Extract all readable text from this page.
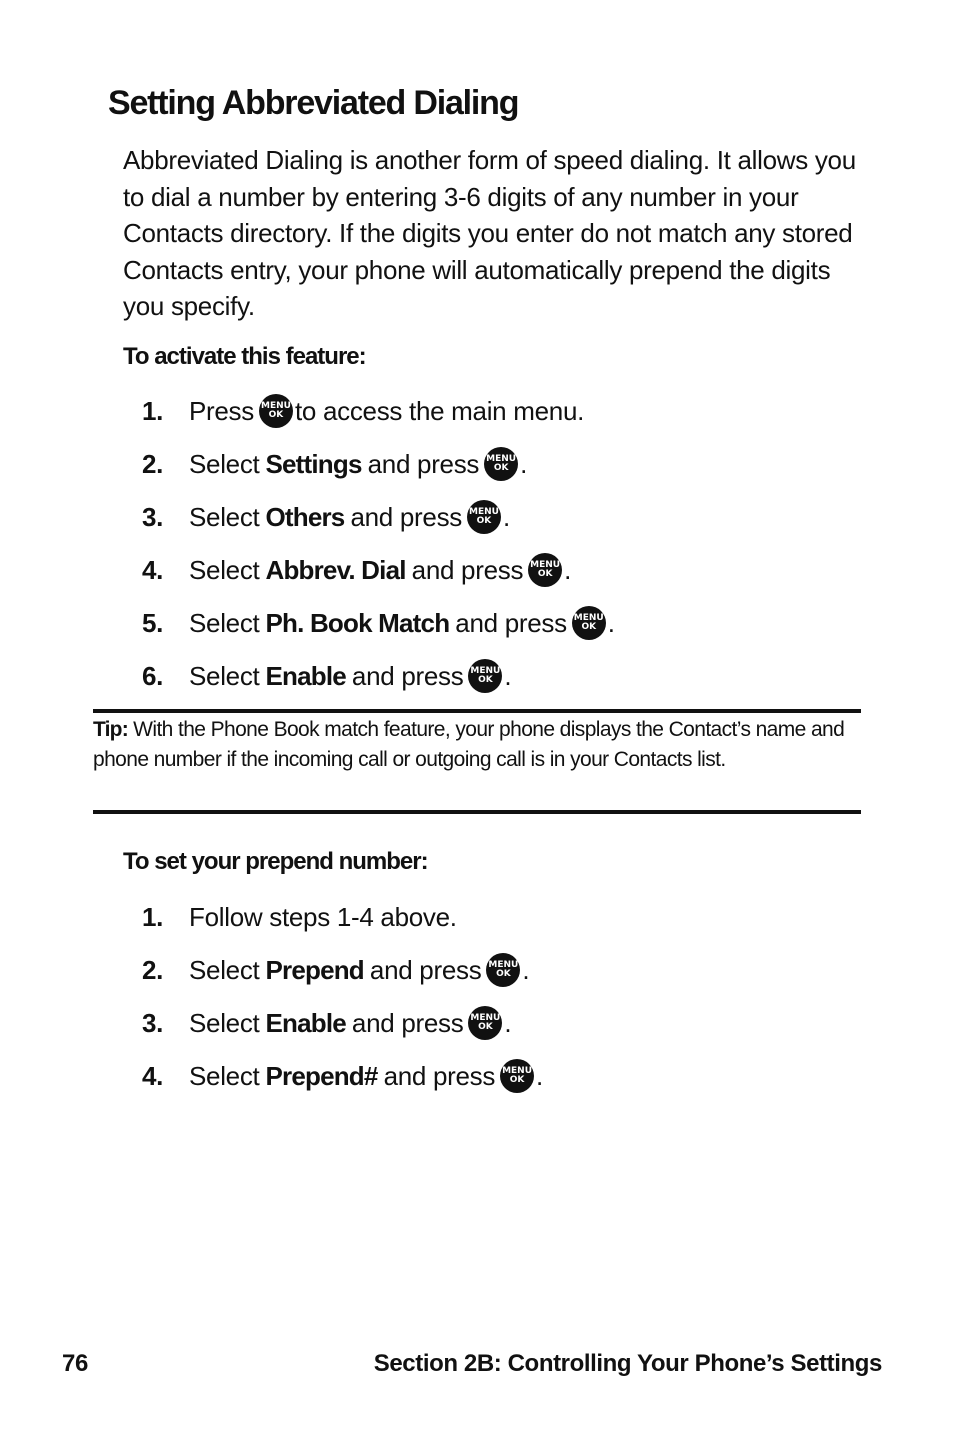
Setting Abbreviated Dialing
Abbreviated Dialing is another form of speed dialing. It allows you to dial a number by entering 3-6 digits of any number in your Contacts directory. If the digits you enter do not match any stored Contacts entry, your phone will automatically prepend the digits you specify.
To activate this feature:
1. Press MENU
OK to access the main menu.
2. Select Settings and press MENU
OK .
3. Select Others and press MENU
OK .
4. Select Abbrev. Dial and press MENU
OK .
5. Select Ph. Book Match and press MENU
OK .
6. Select Enable and press MENU
OK .
Tip: With the Phone Book match feature, your phone displays the Contact’s name and phone number if the incoming call or outgoing call is in your Contacts list.
To set your prepend number:
1. Follow steps 1-4 above.
2. Select Prepend and press MENU
OK .
3. Select Enable and press MENU
OK .
4. Select Prepend# and press MENU
OK .
76	Section 2B: Controlling Your Phone’s Settings
